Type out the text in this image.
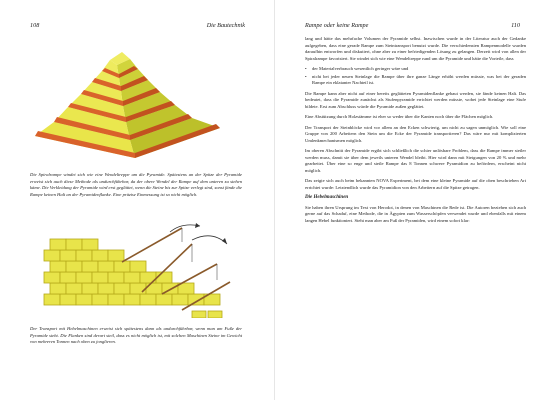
108	Die Bautechnik
Die Spiralrampe windet sich wie eine Wendeltreppe um die Pyramide. Spätestens an der Spitze der Pyramide erweist sich auch diese Methode als undurchführbar, da der obere Wendel der Rampe auf dem unteren zu stehen käme. Die Verkleidung der Pyramide wird erst geglättet, wenn die Steine bis zur Spitze verlegt sind, sonst fände die Rampe keinen Halt an der Pyramidenflanke. Eine präzise Einmessung ist so nicht möglich.
Der Transport mit Hebelmaschinen erweist sich spätestens dann als undurchführbar, wenn man am Fuße der Pyramide steht. Die Flanken sind derart steil, dass es nicht möglich ist, mit solchen Maschinen Steine im Gewicht von mehreren Tonnen nach oben zu jonglieren.
Rampe oder keine Rampe	110

lang und hätte das mehrfache Volumen der Pyramide selbst. Inzwischen wurde in der Literatur auch der Gedanke aufgegeben, dass eine gerade Rampe zum Steintransport benutzt wurde. Die verschiedensten Rampenmodelle wurden daraufhin entworfen und diskutiert, ohne aber zu einer befriedigenden Lösung zu gelangen. Derzeit wird von allen der Spiralrampe favorisiert. Sie windet sich wie eine Wendeltreppe rund um die Pyramide und hätte die Vorteile, dass

• der Materialverbrauch wesentlich geringer wäre und
• nicht bei jeder neuen Steinlage die Rampe über ihre ganze Länge erhöht werden müsste, was bei der geraden Rampe ein eklatanter Nachteil ist.

Die Rampe kann aber nicht auf einer bereits geglätteten Pyramidenflanke gebaut werden, sie fände keinen Halt. Das bedeutet, dass die Pyramide zunächst als Stufenpyramide errichtet werden müsste, wobei jede Steinlage eine Stufe bildete. Erst zum Abschluss würde die Pyramide außen geglättet.

Eine Abstützung durch Holzstämme ist eher so weder über die Kanten noch über die Flächen möglich.

Der Transport der Steinblöcke wird vor allem an den Ecken schwierig, um nicht zu sagen unmöglich. Wie soll eine Gruppe von 200 Arbeitern den Stein um die Ecke der Pyramide transportieren? Das wäre nur mit komplizierten Umlenkmechanismen möglich.

Im oberen Abschnitt der Pyramide ergibt sich schließlich die schier unlösbare Problem, dass die Rampe immer steiler werden muss, damit sie über dem jeweils unteren Wendel bleibt. Hier wird dann mit Steigungen von 20 % und mehr gearbeitet. Über eine so enge und steile Rampe das 8 Tonnen schwere Pyramidion zu befördern, erscheint nicht möglich.

Das zeigte sich auch beim bekannten NOVA Experiment, bei dem eine kleine Pyramide auf die oben beschrieben Art errichtet wurde: Letztendlich wurde das Pyramidion von den Arbeitern auf die Spitze getragen.

Die Hebelmaschinen

Sie haben ihren Ursprung im Text von Herodot, in denen von Maschinen die Rede ist. Die Autoren beziehen sich auch gerne auf das Schaduf, eine Methode, die in Ägypten zum Wasserschöpfen verwendet wurde und ebenfalls mit einem langen Hebel funktioniert. Steht man aber am Fuß der Pyramiden, wird einem sofort klar:
